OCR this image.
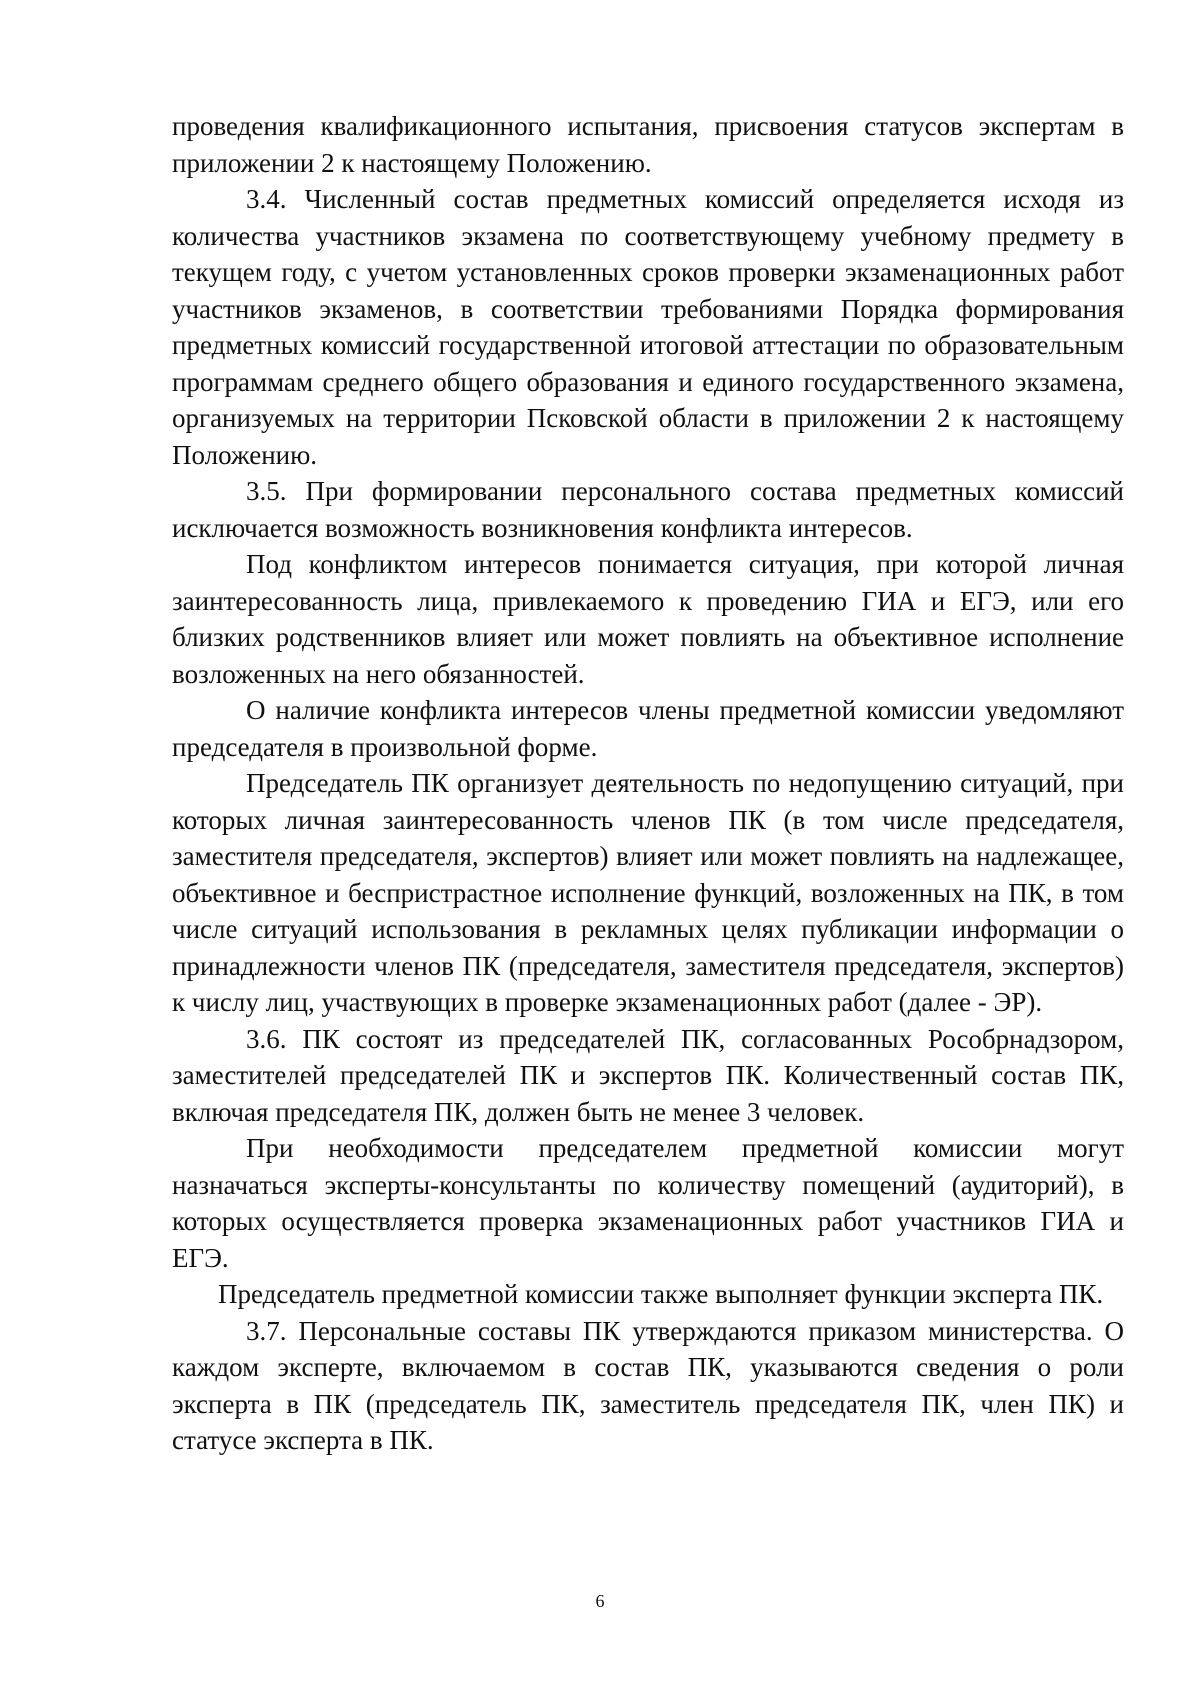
проведения квалификационного испытания, присвоения статусов экспертам в приложении 2 к настоящему Положению.

3.4. Численный состав предметных комиссий определяется исходя из количества участников экзамена по соответствующему учебному предмету в текущем году, с учетом установленных сроков проверки экзаменационных работ участников экзаменов, в соответствии требованиями Порядка формирования предметных комиссий государственной итоговой аттестации по образовательным программам среднего общего образования и единого государственного экзамена, организуемых на территории Псковской области в приложении 2 к настоящему Положению.

3.5. При формировании персонального состава предметных комиссий исключается возможность возникновения конфликта интересов.

Под конфликтом интересов понимается ситуация, при которой личная заинтересованность лица, привлекаемого к проведению ГИА и ЕГЭ, или его близких родственников влияет или может повлиять на объективное исполнение возложенных на него обязанностей.

О наличие конфликта интересов члены предметной комиссии уведомляют председателя в произвольной форме.

Председатель ПК организует деятельность по недопущению ситуаций, при которых личная заинтересованность членов ПК (в том числе председателя, заместителя председателя, экспертов) влияет или может повлиять на надлежащее, объективное и беспристрастное исполнение функций, возложенных на ПК, в том числе ситуаций использования в рекламных целях публикации информации о принадлежности членов ПК (председателя, заместителя председателя, экспертов) к числу лиц, участвующих в проверке экзаменационных работ (далее - ЭР).

3.6. ПК состоят из председателей ПК, согласованных Рособрнадзором, заместителей председателей ПК и экспертов ПК. Количественный состав ПК, включая председателя ПК, должен быть не менее 3 человек.

При необходимости председателем предметной комиссии могут назначаться эксперты-консультанты по количеству помещений (аудиторий), в которых осуществляется проверка экзаменационных работ участников ГИА и ЕГЭ.

Председатель предметной комиссии также выполняет функции эксперта ПК.

3.7. Персональные составы ПК утверждаются приказом министерства. О каждом эксперте, включаемом в состав ПК, указываются сведения о роли эксперта в ПК (председатель ПК, заместитель председателя ПК, член ПК) и статусе эксперта в ПК.

6
